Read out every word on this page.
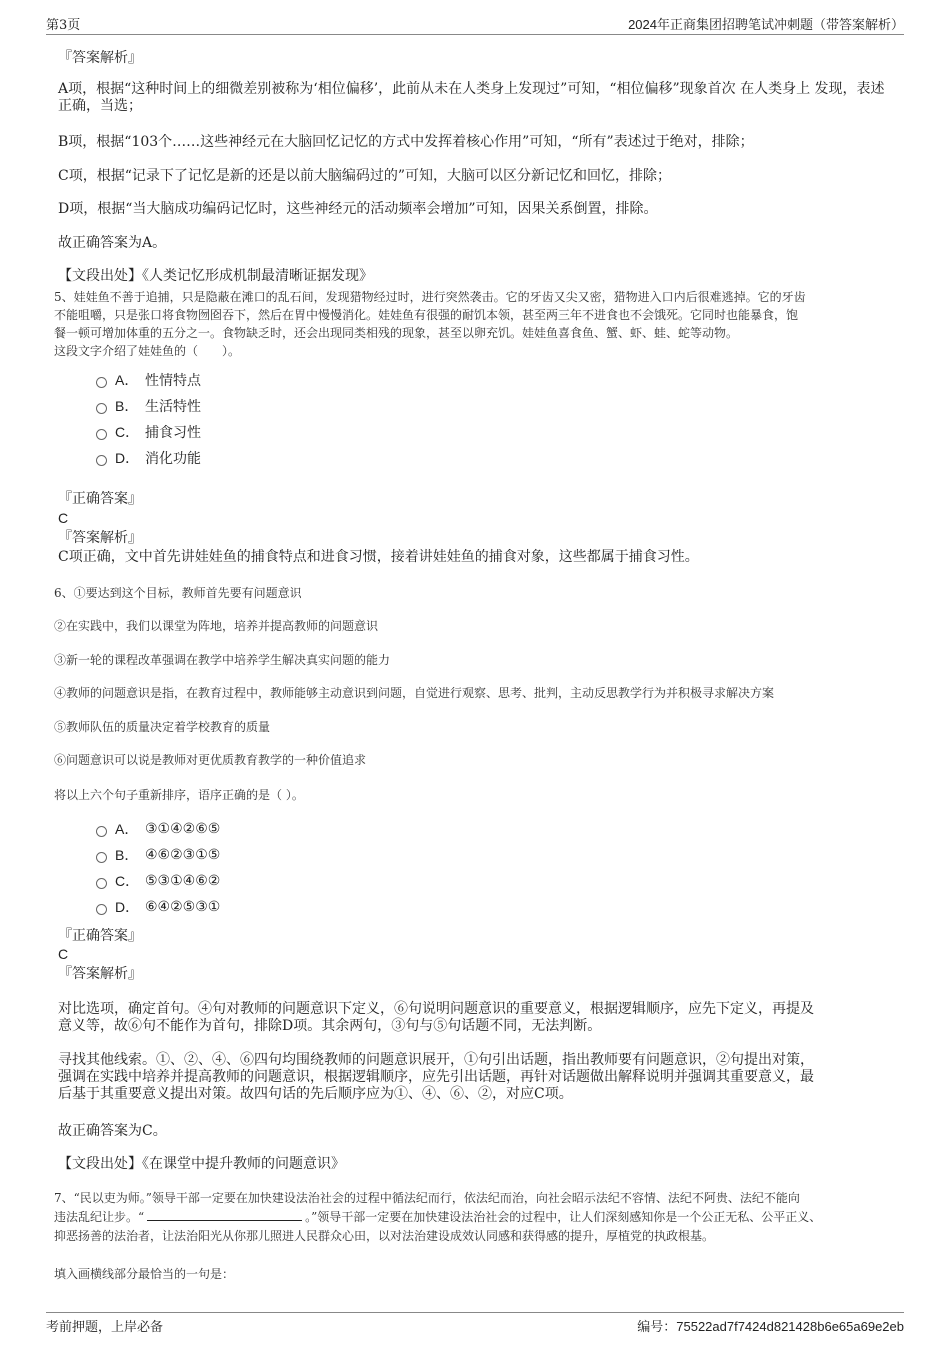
第3页	2024年正商集团招聘笔试冲刺题（带答案解析）
『答案解析』
A项，根据“这种时间上的细微差别被称为‘相位偏移’，此前从未在人类身上发现过”可知，“相位偏移”现象首次 在人类身上 发现，表述正确，当选；
B项，根据“103个……这些神经元在大脑回忆记忆的方式中发挥着核心作用”可知，“所有”表述过于绝对，排除；
C项，根据“记录下了记忆是新的还是以前大脑编码过的”可知，大脑可以区分新记忆和回忆，排除；
D项，根据“当大脑成功编码记忆时，这些神经元的活动频率会增加”可知，因果关系倒置，排除。
故正确答案为A。
【文段出处】《人类记忆形成机制最清晰证据发现》
5、娃娃鱼不善于追捕，只是隐蔽在滩口的乱石间，发现猎物经过时，进行突然袭击。它的牙齿又尖又密，猎物进入口内后很难逃掉。它的牙齿
不能咀嚼，只是张口将食物囫囵吞下，然后在胃中慢慢消化。娃娃鱼有很强的耐饥本领，甚至两三年不进食也不会饿死。它同时也能暴食，饱
餐一顿可增加体重的五分之一。食物缺乏时，还会出现同类相残的现象，甚至以卵充饥。娃娃鱼喜食鱼、蟹、虾、蛙、蛇等动物。
这段文字介绍了娃娃鱼的（　　）。
A． 性情特点
B． 生活特性
C． 捕食习性
D． 消化功能
『正确答案』
C
『答案解析』
C项正确，文中首先讲娃娃鱼的捕食特点和进食习惯，接着讲娃娃鱼的捕食对象，这些都属于捕食习性。
6、①要达到这个目标，教师首先要有问题意识
②在实践中，我们以课堂为阵地，培养并提高教师的问题意识
③新一轮的课程改革强调在教学中培养学生解决真实问题的能力
④教师的问题意识是指，在教育过程中，教师能够主动意识到问题，自觉进行观察、思考、批判，主动反思教学行为并积极寻求解决方案
⑤教师队伍的质量决定着学校教育的质量
⑥问题意识可以说是教师对更优质教育教学的一种价值追求
将以上六个句子重新排序，语序正确的是（ ）。
A． ③①④②⑥⑤
B． ④⑥②③①⑤
C． ⑤③①④⑥②
D． ⑥④②⑤③①
『正确答案』
C
『答案解析』
对比选项，确定首句。④句对教师的问题意识下定义，⑥句说明问题意识的重要意义，根据逻辑顺序，应先下定义，再提及
意义等，故⑥句不能作为首句，排除D项。其余两句，③句与⑤句话题不同，无法判断。
寻找其他线索。①、②、④、⑥四句均围绕教师的问题意识展开，①句引出话题，指出教师要有问题意识，②句提出对策，
强调在实践中培养并提高教师的问题意识，根据逻辑顺序，应先引出话题，再针对话题做出解释说明并强调其重要意义，最
后基于其重要意义提出对策。故四句话的先后顺序应为①、④、⑥、②，对应C项。
故正确答案为C。
【文段出处】《在课堂中提升教师的问题意识》
7、“民以吏为师。”领导干部一定要在加快建设法治社会的过程中循法纪而行，依法纪而治，向社会昭示法纪不容情、法纪不阿贵、法纪不能向
违法乱纪让步。“	。”领导干部一定要在加快建设法治社会的过程中，让人们深刻感知你是一个公正无私、公平正义、
抑恶扬善的法治者，让法治阳光从你那儿照进人民群众心田，以对法治建设成效认同感和获得感的提升，厚植党的执政根基。
填入画横线部分最恰当的一句是：
考前押题，上岸必备	编号：75522ad7f7424d821428b6e65a69e2eb
